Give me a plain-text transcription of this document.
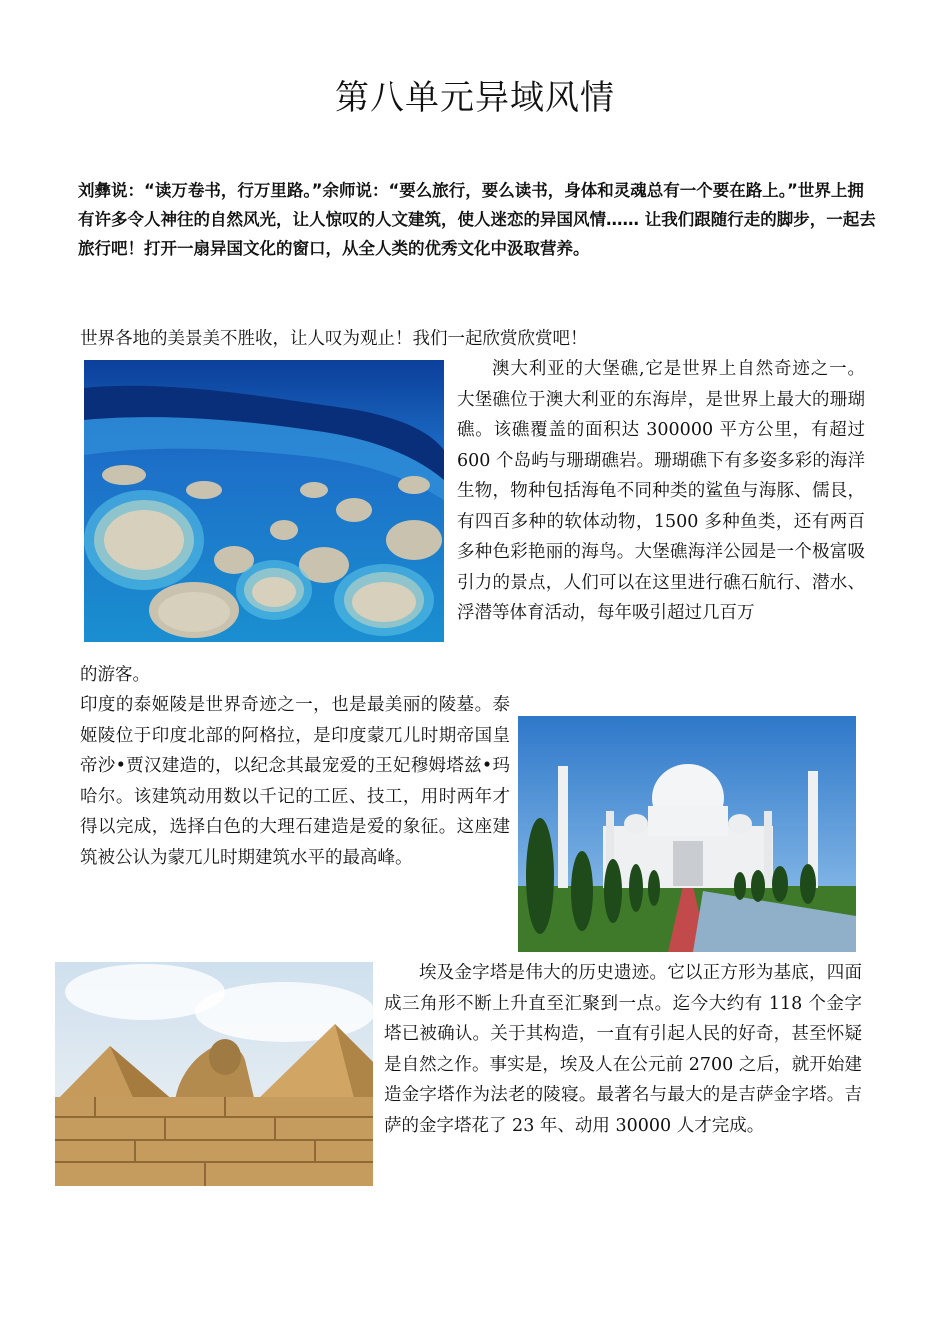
第八单元异域风情
刘彝说：“读万卷书，行万里路。”余师说：“要么旅行，要么读书，身体和灵魂总有一个要在路上。”世界上拥有许多令人神往的自然风光，让人惊叹的人文建筑，使人迷恋的异国风情…… 让我们跟随行走的脚步，一起去旅行吧！打开一扇异国文化的窗口，从全人类的优秀文化中汲取营养。
世界各地的美景美不胜收，让人叹为观止！我们一起欣赏欣赏吧！
澳大利亚的大堡礁,它是世界上自然奇迹之一。大堡礁位于澳大利亚的东海岸，是世界上最大的珊瑚礁。该礁覆盖的面积达 300000 平方公里，有超过 600 个岛屿与珊瑚礁岩。珊瑚礁下有多姿多彩的海洋生物，物种包括海龟不同种类的鲨鱼与海豚、儒艮，有四百多种的软体动物，1500 多种鱼类，还有两百多种色彩艳丽的海鸟。大堡礁海洋公园是一个极富吸引力的景点，人们可以在这里进行礁石航行、潜水、浮潜等体育活动，每年吸引超过几百万
的游客。
印度的泰姬陵是世界奇迹之一，也是最美丽的陵墓。泰姬陵位于印度北部的阿格拉，是印度蒙兀儿时期帝国皇帝沙•贾汉建造的，以纪念其最宠爱的王妃穆姆塔兹•玛哈尔。该建筑动用数以千记的工匠、技工，用时两年才得以完成，选择白色的大理石建造是爱的象征。这座建筑被公认为蒙兀儿时期建筑水平的最高峰。
埃及金字塔是伟大的历史遗迹。它以正方形为基底，四面成三角形不断上升直至汇聚到一点。迄今大约有 118 个金字塔已被确认。关于其构造，一直有引起人民的好奇，甚至怀疑是自然之作。事实是，埃及人在公元前 2700 之后，就开始建造金字塔作为法老的陵寝。最著名与最大的是吉萨金字塔。吉萨的金字塔花了 23 年、动用 30000 人才完成。
